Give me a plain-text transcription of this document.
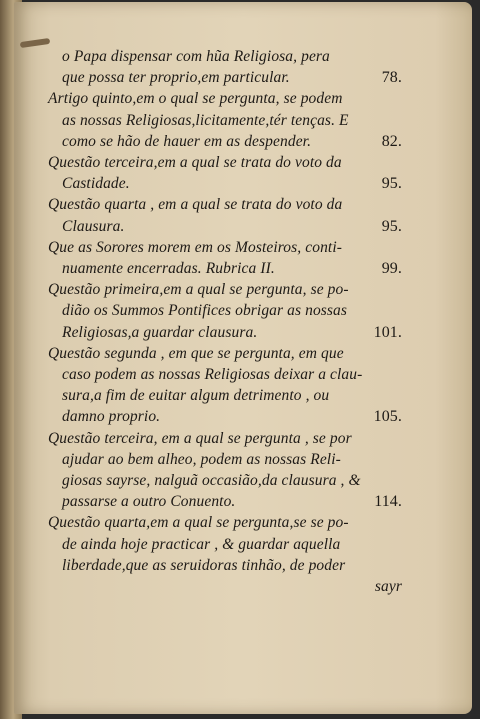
o Papa dispensar com hũa Religiosa, pera
que possa ter proprio,em particular.	78.
Artigo quinto,em o qual se pergunta, se podem
as nossas Religiosas,licitamente,tér tenças. E
como se hão de hauer em as despender.	82.
Questão terceira,em a qual se trata do voto da
Castidade.	95.
Questão quarta , em a qual se trata do voto da
Clausura.	95.
Que as Sorores morem em os Mosteiros, conti-
nuamente encerradas. Rubrica II.	99.
Questão primeira,em a qual se pergunta, se po-
dião os Summos Pontifices obrigar as nossas
Religiosas,a guardar clausura.	101.
Questão segunda , em que se pergunta, em que
caso podem as nossas Religiosas deixar a clau-
sura,a fim de euitar algum detrimento , ou
damno proprio.	105.
Questão terceira, em a qual se pergunta , se por
ajudar ao bem alheo, podem as nossas Reli-
giosas sayrse, nalguã occasião,da clausura , &
passarse a outro Conuento.	114.
Questão quarta,em a qual se pergunta,se se po-
de ainda hoje practicar , & guardar aquella
liberdade,que as seruidoras tinhão, de poder
sayr
